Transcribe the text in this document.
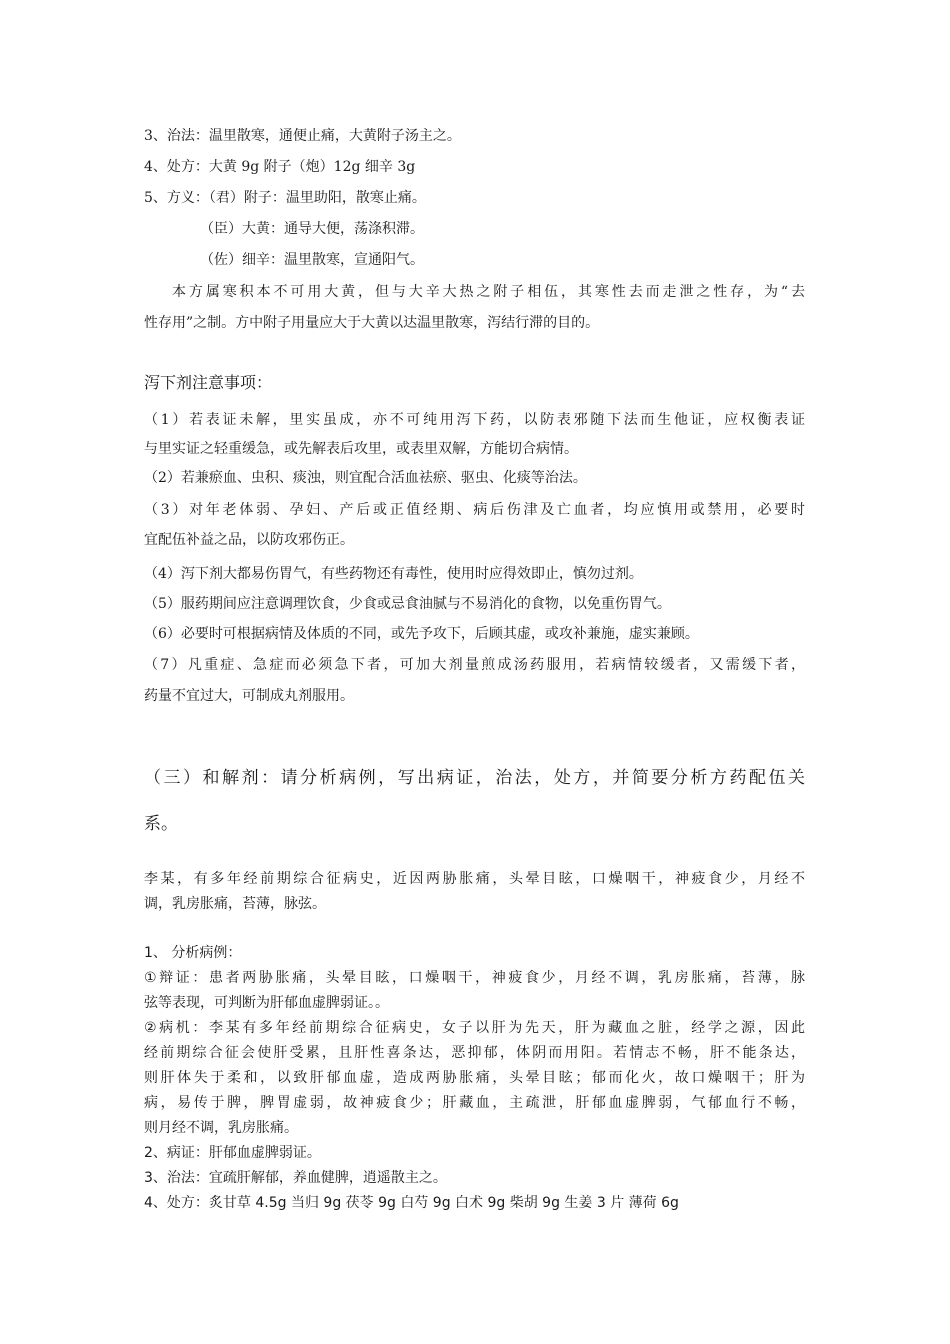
3、治法：温里散寒，通便止痛，大黄附子汤主之。
4、处方：大黄 9g 附子（炮）12g 细辛 3g
5、方义：（君）附子：温里助阳，散寒止痛。
（臣）大黄：通导大便，荡涤积滞。
（佐）细辛：温里散寒，宣通阳气。
本方属寒积本不可用大黄，但与大辛大热之附子相伍，其寒性去而走泄之性存，为“去
性存用”之制。方中附子用量应大于大黄以达温里散寒，泻结行滞的目的。
泻下剂注意事项：
（1）若表证未解，里实虽成，亦不可纯用泻下药，以防表邪随下法而生他证，应权衡表证
与里实证之轻重缓急，或先解表后攻里，或表里双解，方能切合病情。
（2）若兼瘀血、虫积、痰浊，则宜配合活血祛瘀、驱虫、化痰等治法。
（3）对年老体弱、孕妇、产后或正值经期、病后伤津及亡血者，均应慎用或禁用，必要时
宜配伍补益之品，以防攻邪伤正。
（4）泻下剂大都易伤胃气，有些药物还有毒性，使用时应得效即止，慎勿过剂。
（5）服药期间应注意调理饮食，少食或忌食油腻与不易消化的食物，以免重伤胃气。
（6）必要时可根据病情及体质的不同，或先予攻下，后顾其虚，或攻补兼施，虚实兼顾。
（7）凡重症、急症而必须急下者，可加大剂量煎成汤药服用，若病情较缓者，又需缓下者，
药量不宜过大，可制成丸剂服用。
（三）和解剂：请分析病例，写出病证，治法，处方，并简要分析方药配伍关
系。
李某，有多年经前期综合征病史，近因两胁胀痛，头晕目眩，口燥咽干，神疲食少，月经不
调，乳房胀痛，苔薄，脉弦。
1、 分析病例：
①辩证：患者两胁胀痛，头晕目眩，口燥咽干，神疲食少，月经不调，乳房胀痛，苔薄，脉
弦等表现，可判断为肝郁血虚脾弱证。。
②病机：李某有多年经前期综合征病史，女子以肝为先天，肝为藏血之脏，经学之源，因此
经前期综合征会使肝受累，且肝性喜条达，恶抑郁，体阴而用阳。若情志不畅，肝不能条达，
则肝体失于柔和，以致肝郁血虚，造成两胁胀痛，头晕目眩；郁而化火，故口燥咽干；肝为
病，易传于脾，脾胃虚弱，故神疲食少；肝藏血，主疏泄，肝郁血虚脾弱，气郁血行不畅，
则月经不调，乳房胀痛。
2、病证：肝郁血虚脾弱证。
3、治法：宜疏肝解郁，养血健脾，逍遥散主之。
4、处方：炙甘草 4.5g 当归 9g 茯苓 9g 白芍 9g 白术 9g 柴胡 9g 生姜 3 片 薄荷 6g
